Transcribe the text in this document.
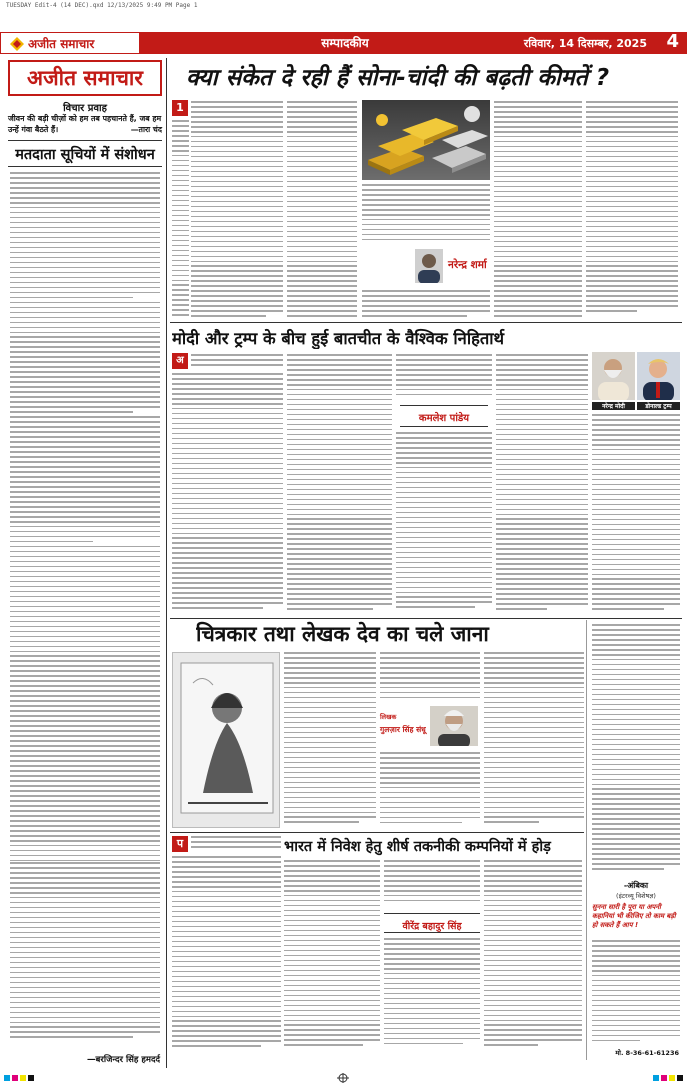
TUESDAY Edit-4 (14 DEC).qxd 12/13/2025 9:49 PM Page 1
अजीत समाचार	सम्पादकीय	रविवार, 14 दिसम्बर, 2025 4
अजीत समाचार
विचार प्रवाह
जीवन की बड़ी चीज़ों को हम तब पहचानते हैं, जब हम उन्हें गंवा बैठते हैं।	—तारा चंद
मतदाता सूचियों में संशोधन
—बरजिन्दर सिंह हमदर्द
क्या संकेत दे रही हैं सोना-चांदी की बढ़ती कीमतें ?
1
नरेन्द्र शर्मा
मोदी और ट्रम्प के बीच हुई बातचीत के वैश्विक निहितार्थ
अ
कमलेश पांडेय
नरेन्द्र मोदी	डोनाल्ड ट्रम्प
चित्रकार तथा लेखक देव का चले जाना
लिखक
गुलज़ार सिंह संधू
-अंबिका
(इंटरव्यू विशेषज्ञ)
सुनना सारी है पूरा या अपनी कहानियां भी कीजिए तो काम बड़ी हो सकते हैं आप !
मो. 8-36-61-61236
प	भारत में निवेश हेतु शीर्ष तकनीकी कम्पनियों में होड़
वीरेंद्र बहादुर सिंह
